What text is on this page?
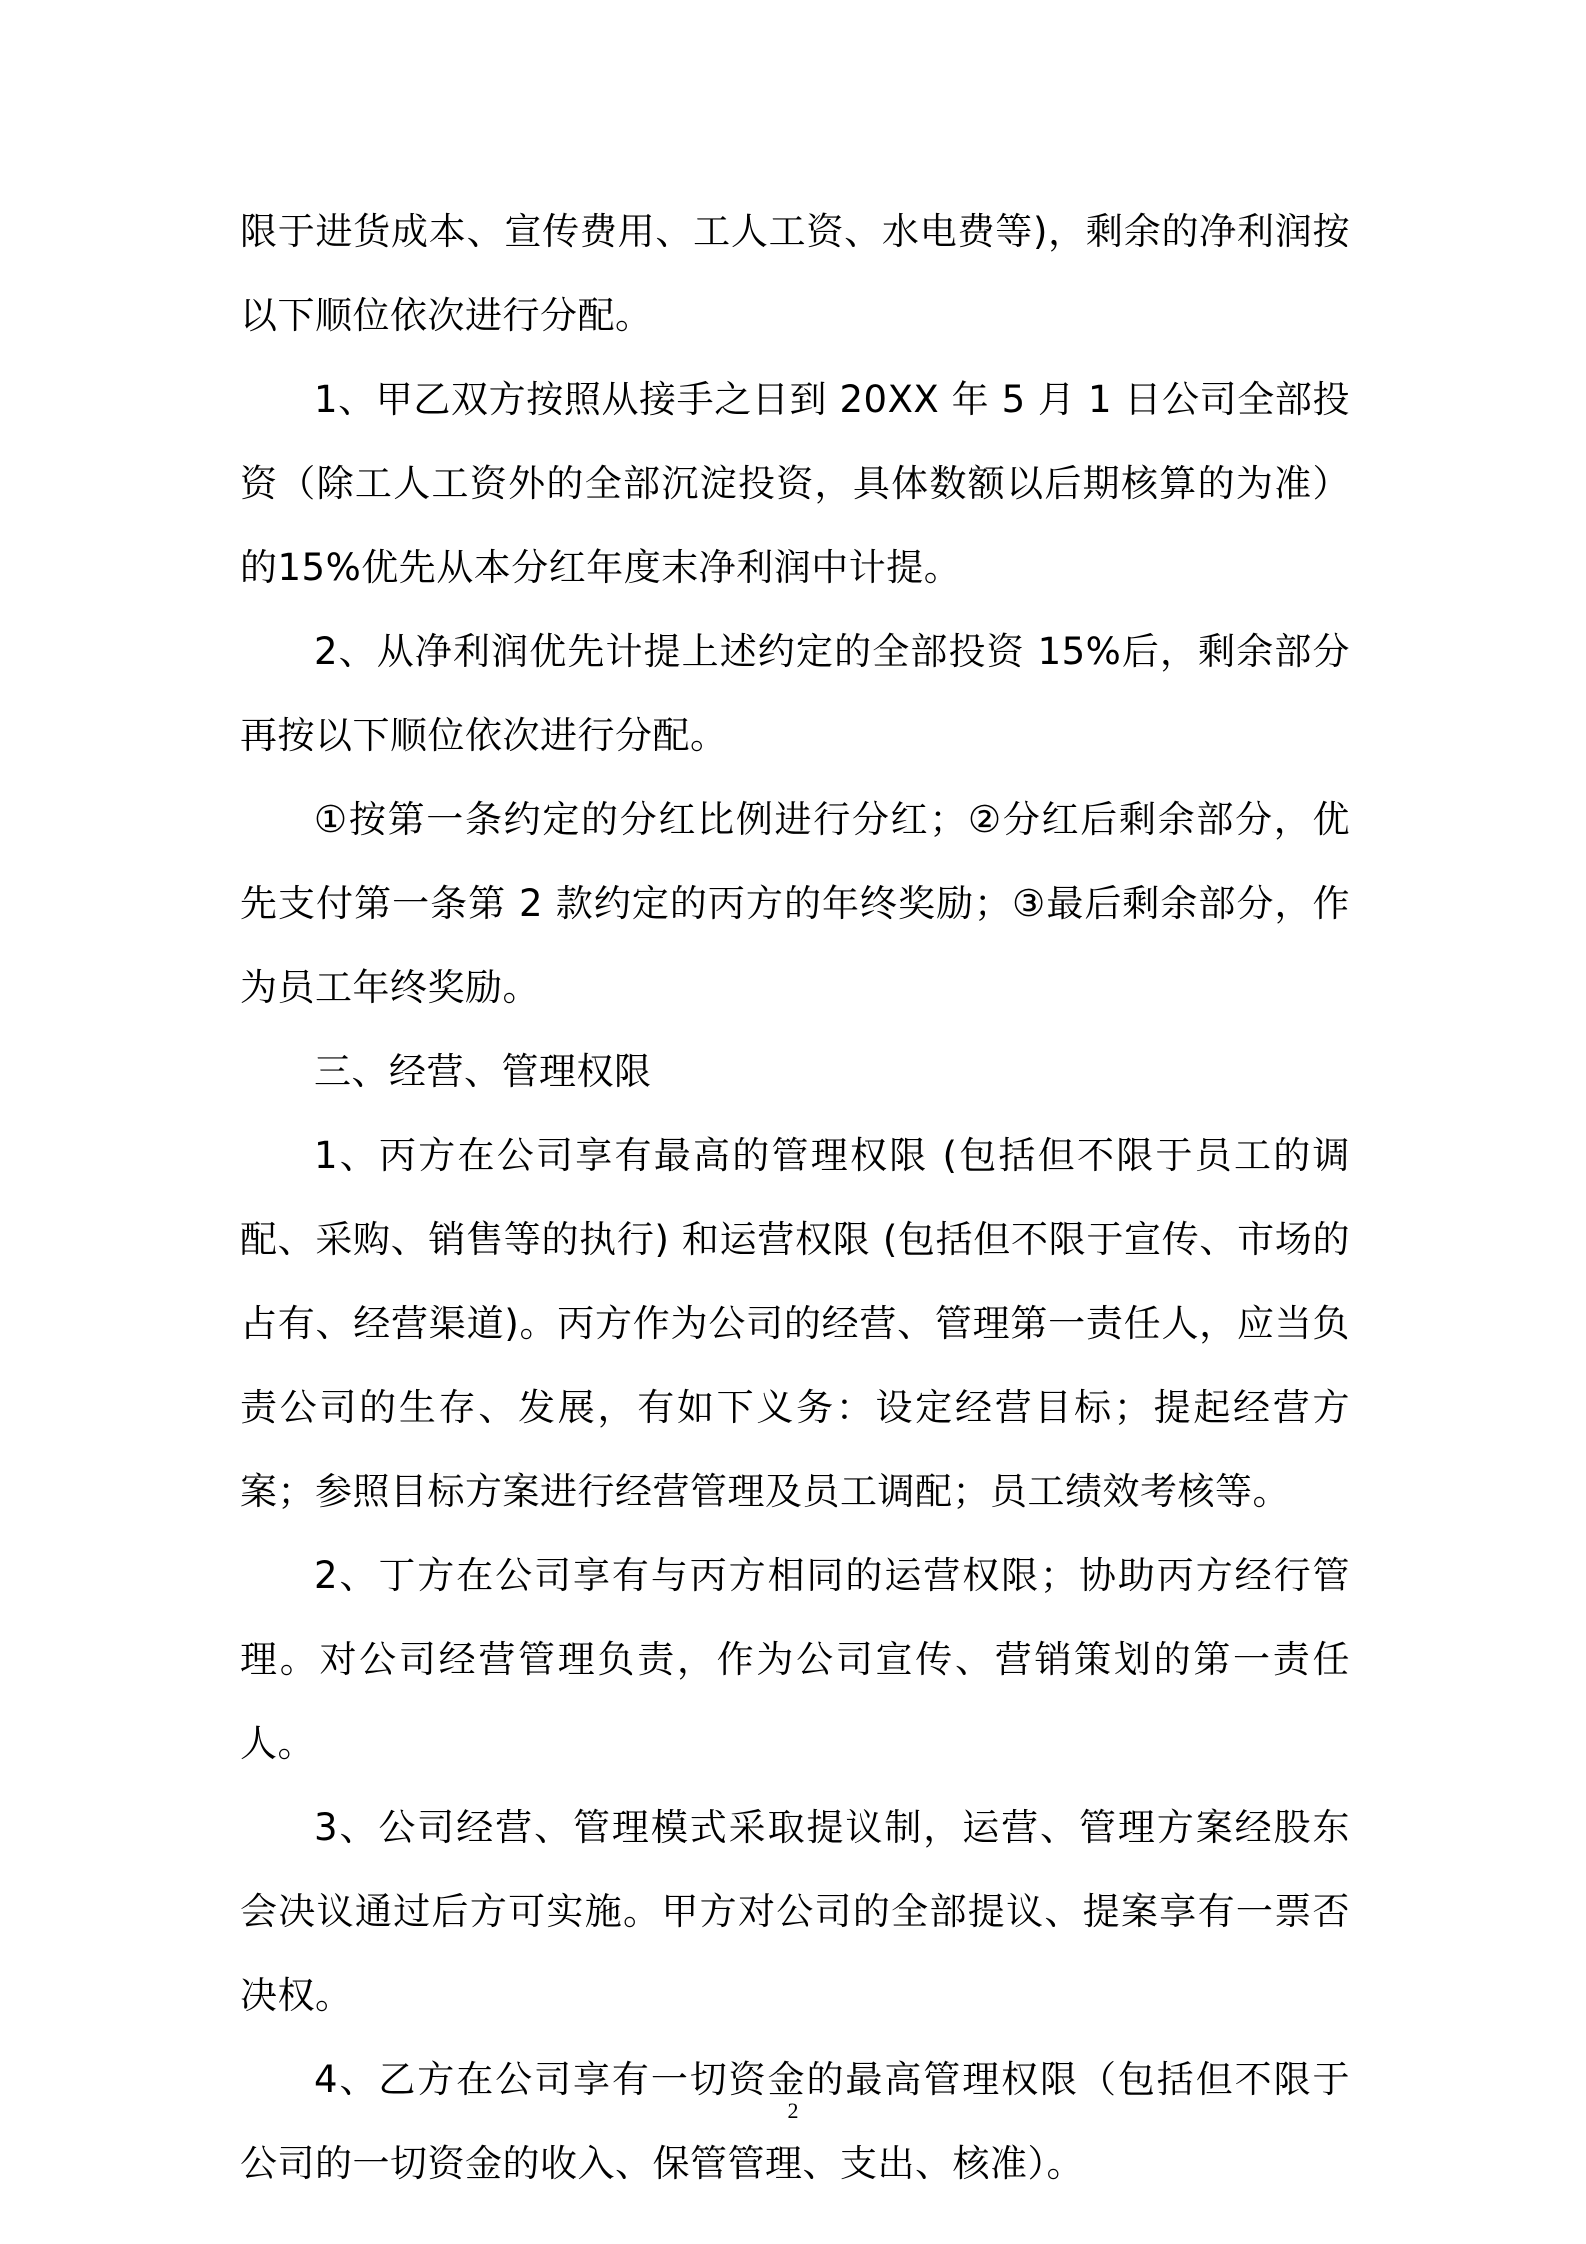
限于进货成本、宣传费用、工人工资、水电费等)，剩余的净利润按以下顺位依次进行分配。

1、甲乙双方按照从接手之日到 20XX 年 5 月 1 日公司全部投资（除工人工资外的全部沉淀投资，具体数额以后期核算的为准）的15%优先从本分红年度末净利润中计提。

2、从净利润优先计提上述约定的全部投资 15%后，剩余部分再按以下顺位依次进行分配。

①按第一条约定的分红比例进行分红；②分红后剩余部分，优先支付第一条第 2 款约定的丙方的年终奖励；③最后剩余部分，作为员工年终奖励。

三、经营、管理权限

1、丙方在公司享有最高的管理权限 (包括但不限于员工的调配、采购、销售等的执行) 和运营权限 (包括但不限于宣传、市场的占有、经营渠道)。丙方作为公司的经营、管理第一责任人，应当负责公司的生存、发展，有如下义务：设定经营目标；提起经营方案；参照目标方案进行经营管理及员工调配；员工绩效考核等。

2、丁方在公司享有与丙方相同的运营权限；协助丙方经行管理。对公司经营管理负责，作为公司宣传、营销策划的第一责任人。

3、公司经营、管理模式采取提议制，运营、管理方案经股东会决议通过后方可实施。甲方对公司的全部提议、提案享有一票否决权。

4、乙方在公司享有一切资金的最高管理权限（包括但不限于公司的一切资金的收入、保管管理、支出、核准）。

2
